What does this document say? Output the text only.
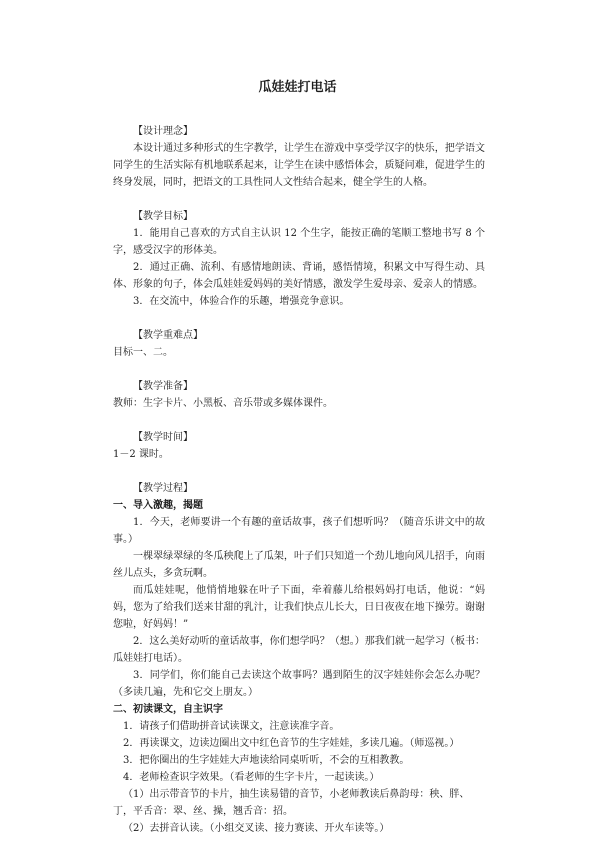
瓜娃娃打电话
【设计理念】
本设计通过多种形式的生字教学，让学生在游戏中享受学汉字的快乐，把学语文同学生的生活实际有机地联系起来，让学生在读中感悟体会，质疑问难，促进学生的终身发展，同时，把语文的工具性同人文性结合起来，健全学生的人格。
【教学目标】
1．能用自己喜欢的方式自主认识 12 个生字，能按正确的笔顺工整地书写 8 个字，感受汉字的形体美。
2．通过正确、流利、有感情地朗读、背诵，感悟情境，积累文中写得生动、具体、形象的句子，体会瓜娃娃爱妈妈的美好情感，激发学生爱母亲、爱亲人的情感。
3．在交流中，体验合作的乐趣，增强竞争意识。
【教学重难点】
目标一、二。
【教学准备】
教师：生字卡片、小黑板、音乐带或多媒体课件。
【教学时间】
1－2 课时。
【教学过程】
一、导入激趣，揭题
1．今天，老师要讲一个有趣的童话故事，孩子们想听吗？（随音乐讲文中的故事。）
一棵翠绿翠绿的冬瓜秧爬上了瓜架，叶子们只知道一个劲儿地向风儿招手，向雨丝儿点头，多贪玩啊。
而瓜娃娃呢，他悄悄地躲在叶子下面，牵着藤儿给根妈妈打电话，他说：“妈妈，您为了给我们送来甘甜的乳汁，让我们快点儿长大，日日夜夜在地下操劳。谢谢您啦，好妈妈！”
2．这么美好动听的童话故事，你们想学吗？（想。）那我们就一起学习（板书：瓜娃娃打电话）。
3．同学们，你们能自己去读这个故事吗？遇到陌生的汉字娃娃你会怎么办呢？（多读几遍，先和它交上朋友。）
二、初读课文，自主识字
1．请孩子们借助拼音试读课文，注意读准字音。
2．再读课文，边读边圈出文中红色音节的生字娃娃，多读几遍。（师巡视。）
3．把你圈出的生字娃娃大声地读给同桌听听，不会的互相教教。
4．老师检查识字效果。（看老师的生字卡片，一起读读。）
（1）出示带音节的卡片，抽生读易错的音节，小老师教读后鼻韵母：秧、胖、丁，平舌音：翠、丝、操，翘舌音：招。
（2）去拼音认读。（小组交叉读、接力赛读、开火车读等。）
